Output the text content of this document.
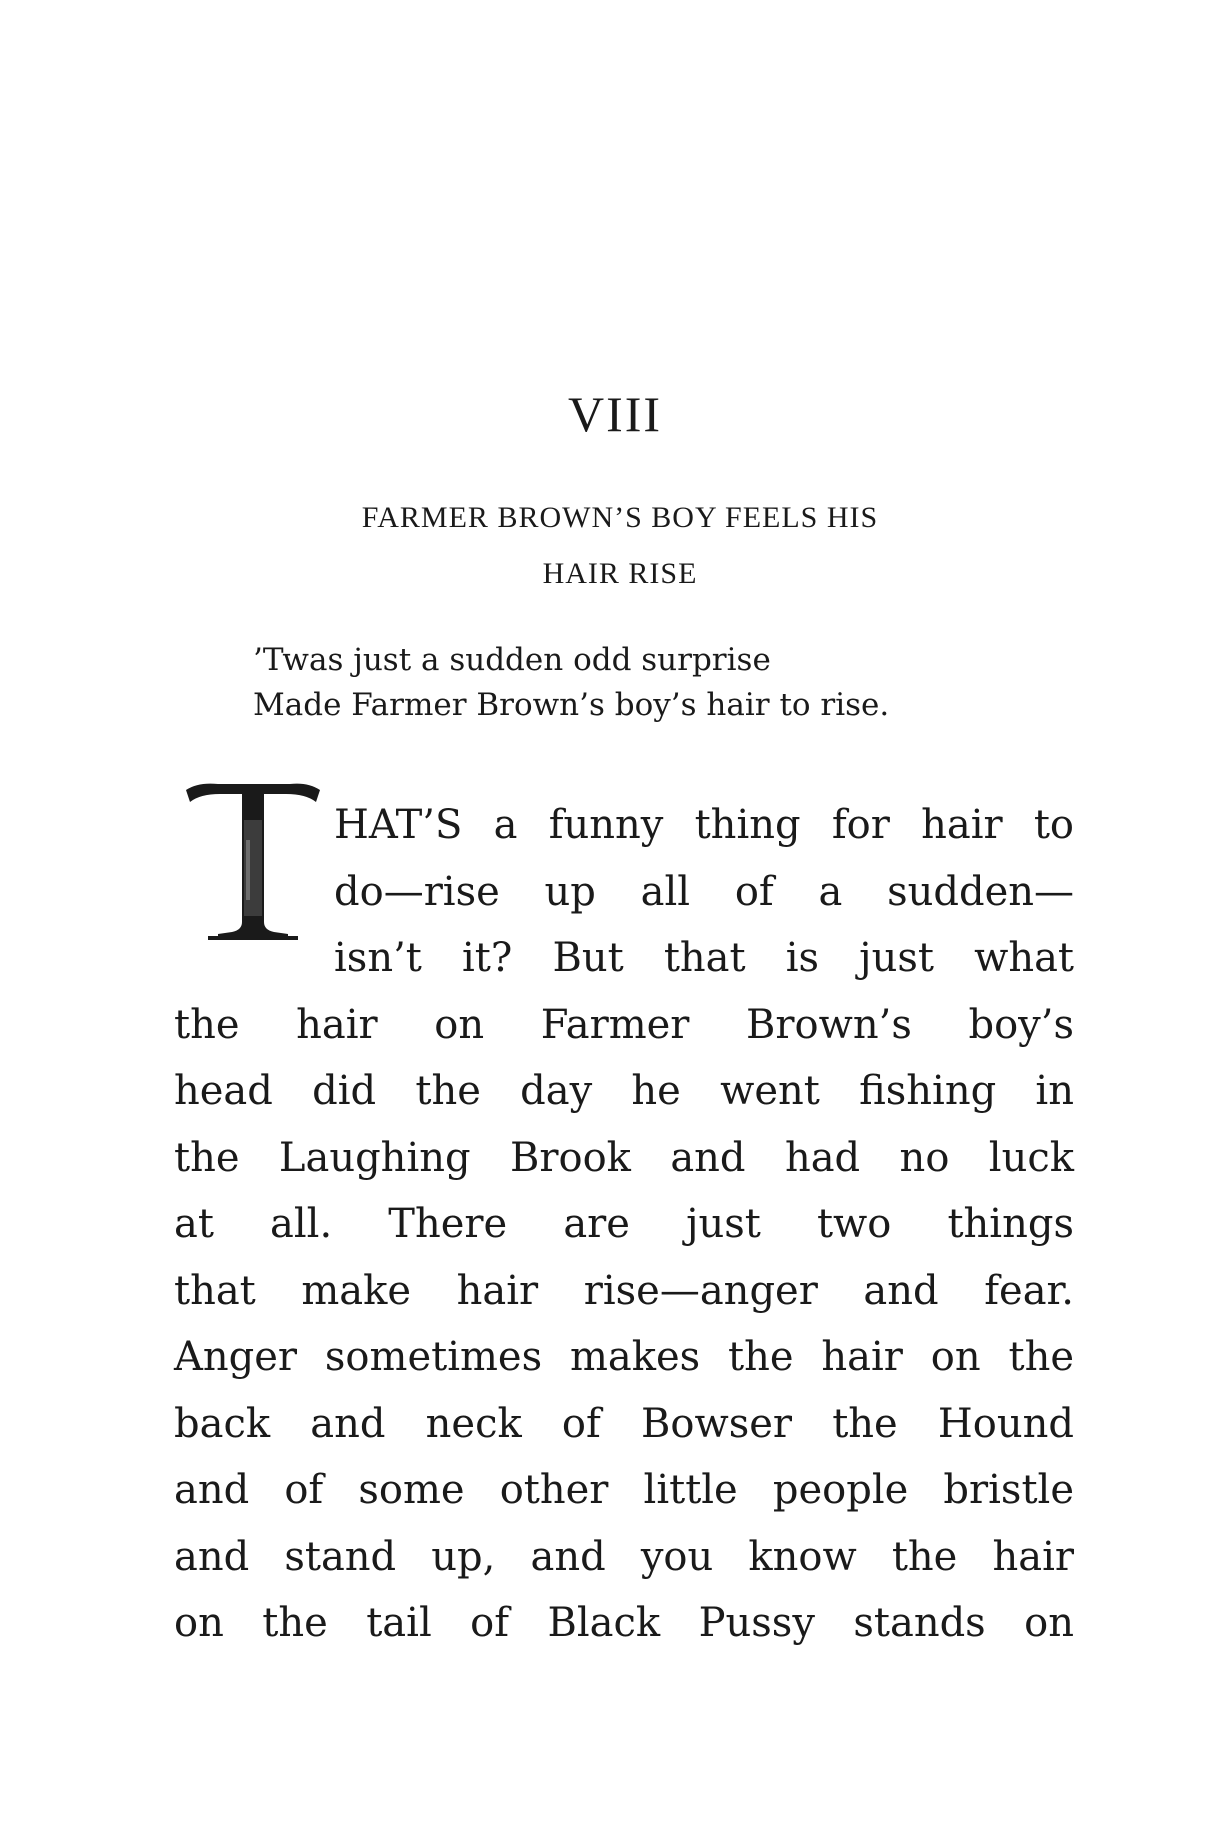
VIII
FARMER BROWN’S BOY FEELS HIS
HAIR RISE
’Twas just a sudden odd surprise
Made Farmer Brown’s boy’s hair to rise.
HAT’S a funny thing for hair to
do—rise up all of a sudden—
isn’t it? But that is just what
the hair on Farmer Brown’s boy’s
head did the day he went fishing in
the Laughing Brook and had no luck
at all. There are just two things
that make hair rise—anger and fear.
Anger sometimes makes the hair on the
back and neck of Bowser the Hound
and of some other little people bristle
and stand up, and you know the hair
on the tail of Black Pussy stands on
